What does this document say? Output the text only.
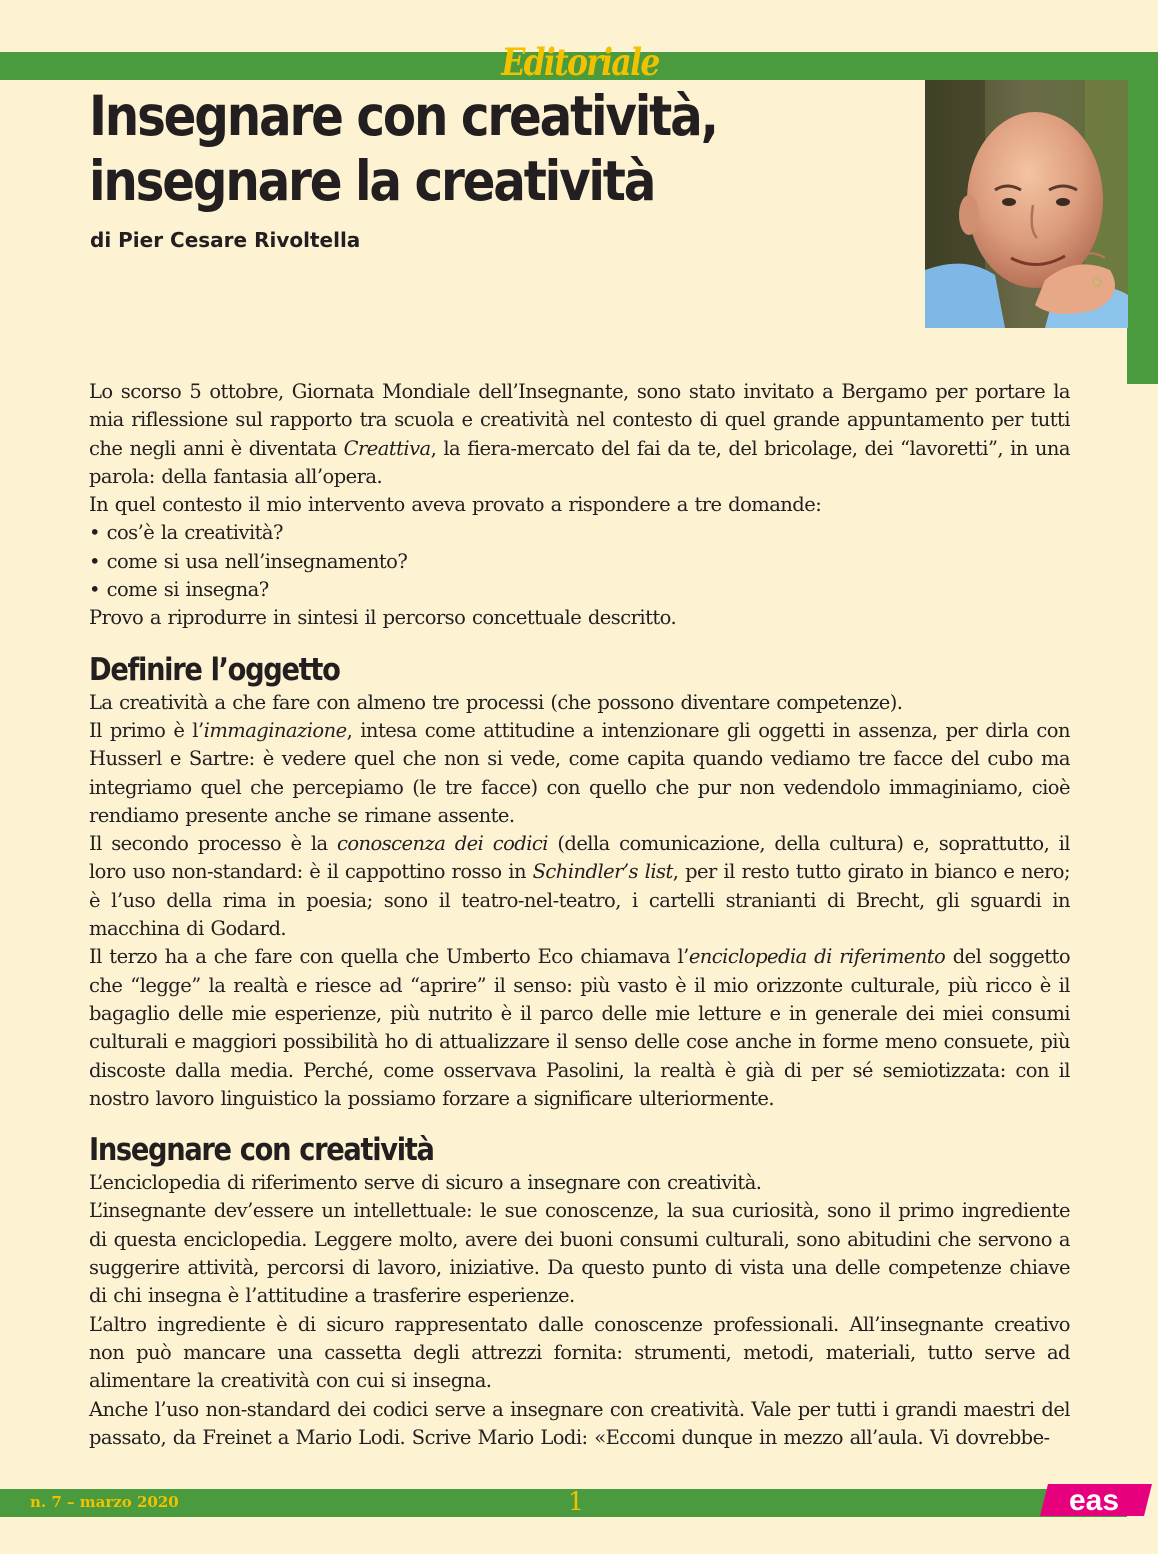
Editoriale
Insegnare con creatività,
insegnare la creatività
di Pier Cesare Rivoltella

Lo scorso 5 ottobre, Giornata Mondiale dell’Insegnante, sono stato invitato a Bergamo per portare la mia riflessione sul rapporto tra scuola e creatività nel contesto di quel grande appuntamento per tutti che negli anni è diventata Creattiva, la fiera-mercato del fai da te, del bricolage, dei “lavoretti”, in una parola: della fantasia all’opera.

In quel contesto il mio intervento aveva provato a rispondere a tre domande:

• cos’è la creatività?

• come si usa nell’insegnamento?

• come si insegna?

Provo a riprodurre in sintesi il percorso concettuale descritto.

Definire l’oggetto

La creatività a che fare con almeno tre processi (che possono diventare competenze).

Il primo è l’immaginazione, intesa come attitudine a intenzionare gli oggetti in assenza, per dirla con Husserl e Sartre: è vedere quel che non si vede, come capita quando vediamo tre facce del cubo ma integriamo quel che percepiamo (le tre facce) con quello che pur non vedendolo immaginiamo, cioè rendiamo presente anche se rimane assente.

Il secondo processo è la conoscenza dei codici (della comunicazione, della cultura) e, soprattutto, il loro uso non-standard: è il cappottino rosso in Schindler’s list, per il resto tutto girato in bianco e nero; è l’uso della rima in poesia; sono il teatro-nel-teatro, i cartelli stranianti di Brecht, gli sguardi in macchina di Godard.

Il terzo ha a che fare con quella che Umberto Eco chiamava l’enciclopedia di riferimento del soggetto che “legge” la realtà e riesce ad “aprire” il senso: più vasto è il mio orizzonte culturale, più ricco è il bagaglio delle mie esperienze, più nutrito è il parco delle mie letture e in generale dei miei consumi culturali e maggiori possibilità ho di attualizzare il senso delle cose anche in forme meno consuete, più discoste dalla media. Perché, come osservava Pasolini, la realtà è già di per sé semiotizzata: con il nostro lavoro linguistico la possiamo forzare a significare ulteriormente.

Insegnare con creatività

L’enciclopedia di riferimento serve di sicuro a insegnare con creatività.

L’insegnante dev’essere un intellettuale: le sue conoscenze, la sua curiosità, sono il primo ingrediente di questa enciclopedia. Leggere molto, avere dei buoni consumi culturali, sono abitudini che servono a suggerire attività, percorsi di lavoro, iniziative. Da questo punto di vista una delle competenze chiave di chi insegna è l’attitudine a trasferire esperienze.

L’altro ingrediente è di sicuro rappresentato dalle conoscenze professionali. All’insegnante creativo non può mancare una cassetta degli attrezzi fornita: strumenti, metodi, materiali, tutto serve ad alimentare la creatività con cui si insegna.

Anche l’uso non-standard dei codici serve a insegnare con creatività. Vale per tutti i grandi maestri del passato, da Freinet a Mario Lodi. Scrive Mario Lodi: «Eccomi dunque in mezzo all’aula. Vi dovrebbe-

n. 7 – marzo 2020	1	eas
